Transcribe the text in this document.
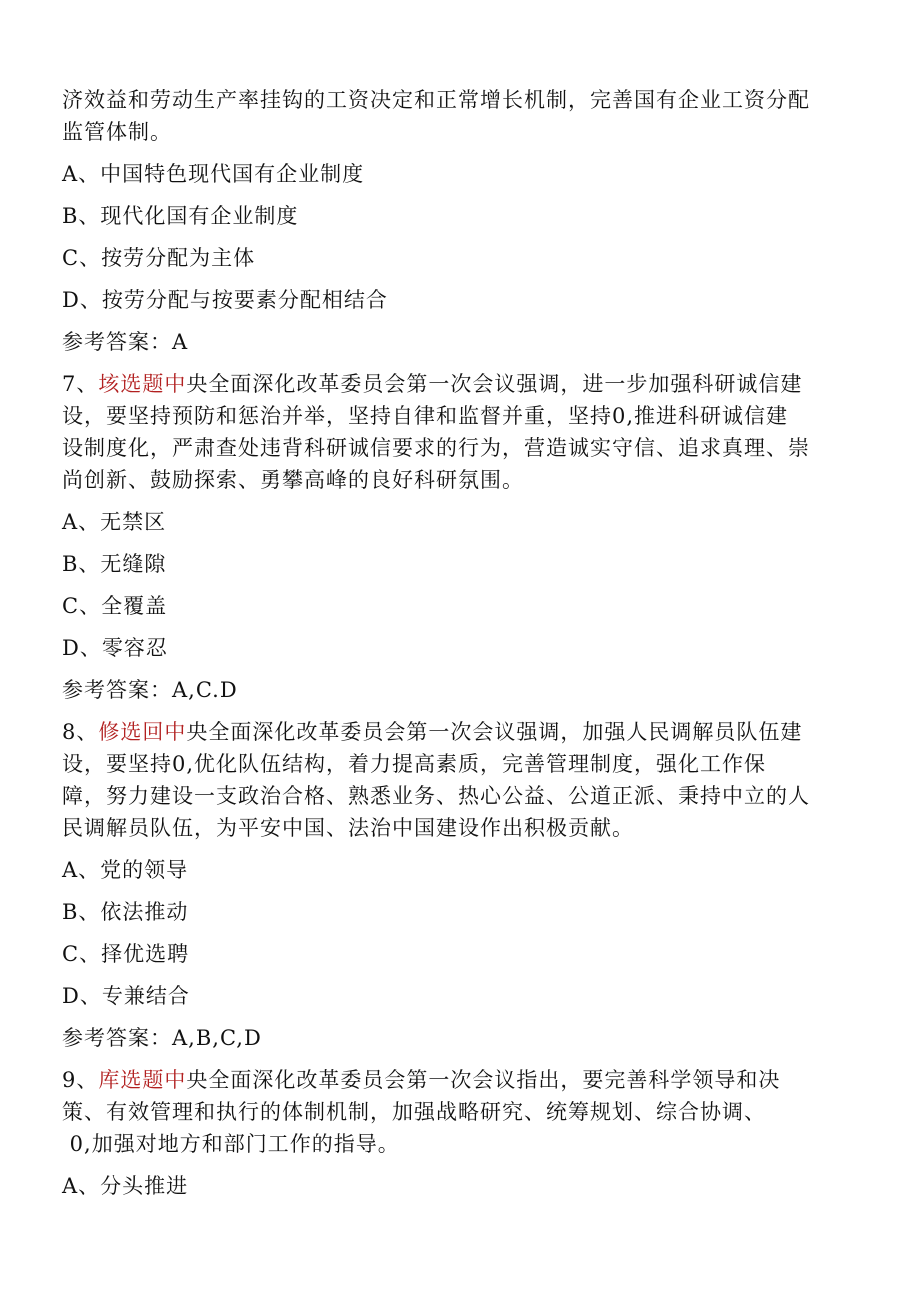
济效益和劳动生产率挂钩的工资决定和正常增长机制，完善国有企业工资分配
监管体制。

A、中国特色现代国有企业制度

B、现代化国有企业制度

C、按劳分配为主体

D、按劳分配与按要素分配相结合

参考答案：A

7、垓选题中央全面深化改革委员会第一次会议强调，进一步加强科研诚信建
设，要坚持预防和惩治并举，坚持自律和监督并重，坚持0,推进科研诚信建
设制度化，严肃查处违背科研诚信要求的行为，营造诚实守信、追求真理、崇
尚创新、鼓励探索、勇攀高峰的良好科研氛围。

A、无禁区

B、无缝隙

C、全覆盖

D、零容忍

参考答案：A,C.D

8、修选回中央全面深化改革委员会第一次会议强调，加强人民调解员队伍建
设，要坚持0,优化队伍结构，着力提高素质，完善管理制度，强化工作保
障，努力建设一支政治合格、熟悉业务、热心公益、公道正派、秉持中立的人
民调解员队伍，为平安中国、法治中国建设作出积极贡献。

A、党的领导

B、依法推动

C、择优选聘

D、专兼结合

参考答案：A,B,C,D

9、库选题中央全面深化改革委员会第一次会议指出，要完善科学领导和决
策、有效管理和执行的体制机制，加强战略研究、统筹规划、综合协调、
0,加强对地方和部门工作的指导。

A、分头推进
